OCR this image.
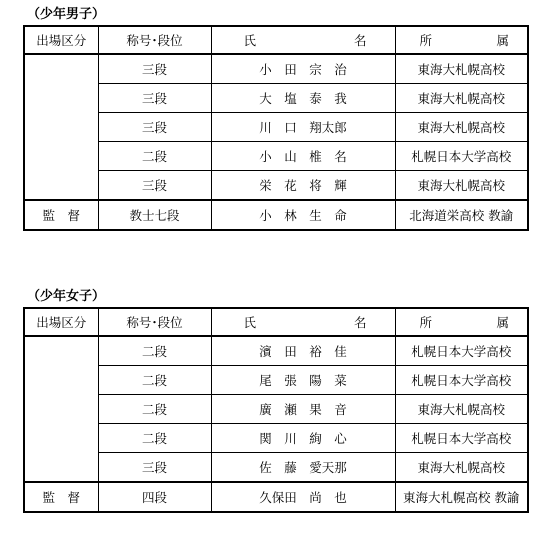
（少年男子）
出場区分	称号･段位	氏 名	所 属

	三段	小　田　宗　治	東海大札幌高校
	三段	大　塩　泰　我	東海大札幌高校
	三段	川　口　翔太郎	東海大札幌高校
	二段	小　山　椎　名	札幌日本大学高校
	三段	栄　花　将　輝	東海大札幌高校
監　督	教士七段	小　林　生　命	北海道栄高校 教諭
（少年女子）
出場区分	称号･段位	氏 名	所 属

	二段	濱　田　裕　佳	札幌日本大学高校
	二段	尾　張　陽　菜	札幌日本大学高校
	二段	廣　瀬　果　音	東海大札幌高校
	二段	関　川　絢　心	札幌日本大学高校
	三段	佐　藤　愛天那	東海大札幌高校
監　督	四段	久保田　尚　也	東海大札幌高校 教諭
